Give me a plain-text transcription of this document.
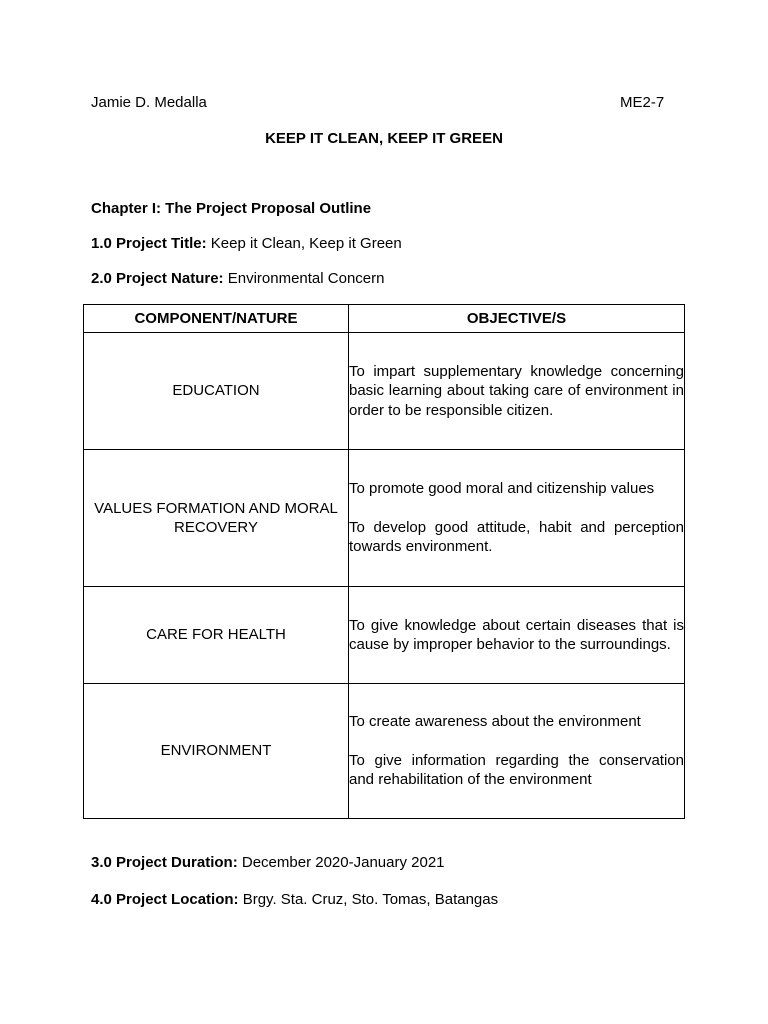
Jamie D. Medalla	ME2-7
KEEP IT CLEAN, KEEP IT GREEN
Chapter I: The Project Proposal Outline
1.0 Project Title: Keep it Clean, Keep it Green
2.0 Project Nature: Environmental Concern
COMPONENT/NATURE	OBJECTIVE/S
EDUCATION	To impart supplementary knowledge concerning basic learning about taking care of environment in order to be responsible citizen.

VALUES FORMATION AND MORAL RECOVERY	To promote good moral and citizenship values

To develop good attitude, habit and perception towards environment.

CARE FOR HEALTH	To give knowledge about certain diseases that is cause by improper behavior to the surroundings.

ENVIRONMENT	To create awareness about the environment

To give information regarding the conservation and rehabilitation of the environment

3.0 Project Duration: December 2020-January 2021
4.0 Project Location: Brgy. Sta. Cruz, Sto. Tomas, Batangas
